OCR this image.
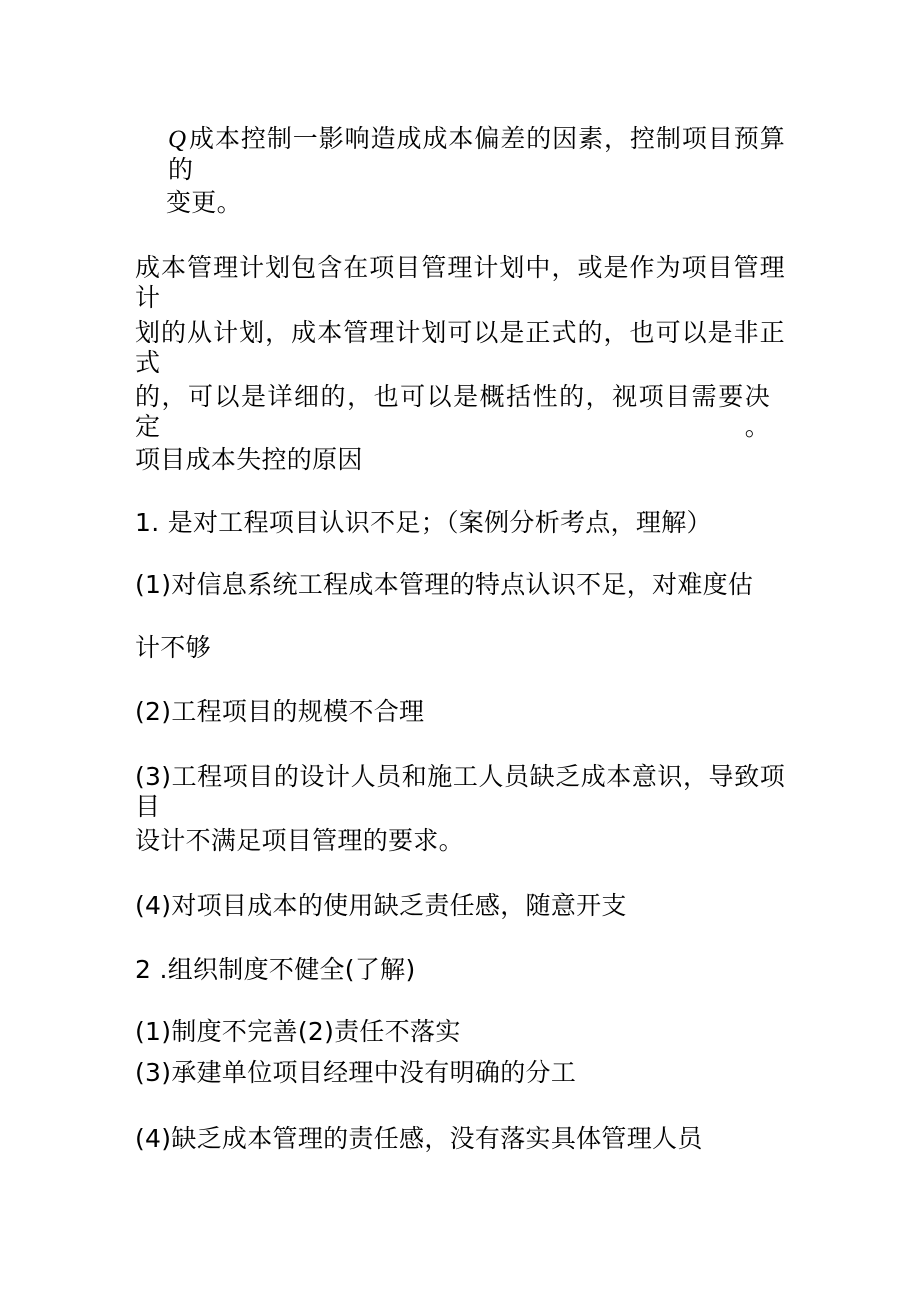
Q成本控制一影响造成成本偏差的因素，控制项目预算的
变更。
成本管理计划包含在项目管理计划中，或是作为项目管理计
划的从计划，成本管理计划可以是正式的，也可以是非正式
的，可以是详细的，也可以是概括性的，视项目需要决定。
项目成本失控的原因
1. 是对工程项目认识不足；（案例分析考点，理解）
(1)对信息系统工程成本管理的特点认识不足，对难度估
计不够
(2)工程项目的规模不合理
(3)工程项目的设计人员和施工人员缺乏成本意识，导致项目
设计不满足项目管理的要求。
(4)对项目成本的使用缺乏责任感，随意开支
2 .组织制度不健全(了解)
(1)制度不完善(2)责任不落实
(3)承建单位项目经理中没有明确的分工
(4)缺乏成本管理的责任感，没有落实具体管理人员
